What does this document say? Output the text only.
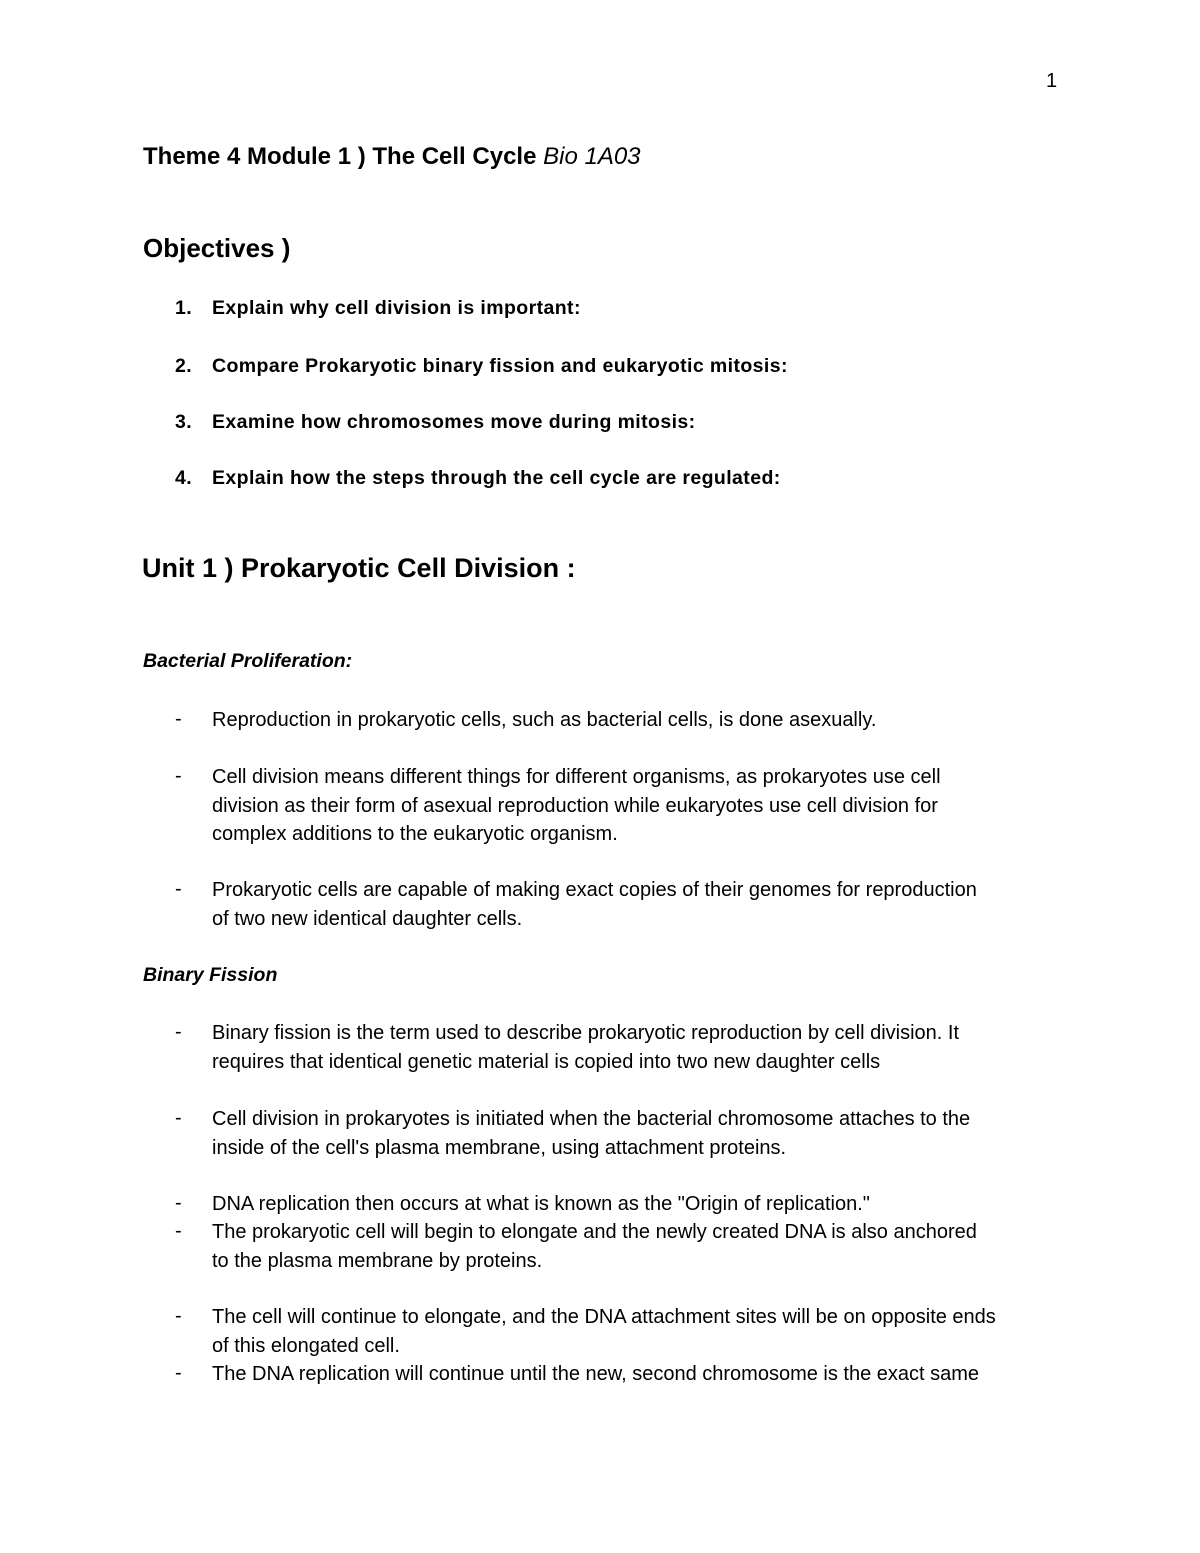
1
Theme 4 Module 1 ) The Cell Cycle Bio 1A03
Objectives )
1. Explain why cell division is important:
2. Compare Prokaryotic binary fission and eukaryotic mitosis:
3. Examine how chromosomes move during mitosis:
4. Explain how the steps through the cell cycle are regulated:
Unit 1 ) Prokaryotic Cell Division :
Bacterial Proliferation:
- Reproduction in prokaryotic cells, such as bacterial cells, is done asexually.
- Cell division means different things for different organisms, as prokaryotes use cell
division as their form of asexual reproduction while eukaryotes use cell division for
complex additions to the eukaryotic organism.
- Prokaryotic cells are capable of making exact copies of their genomes for reproduction
of two new identical daughter cells.
Binary Fission
- Binary fission is the term used to describe prokaryotic reproduction by cell division. It
requires that identical genetic material is copied into two new daughter cells
- Cell division in prokaryotes is initiated when the bacterial chromosome attaches to the
inside of the cell's plasma membrane, using attachment proteins.
- DNA replication then occurs at what is known as the "Origin of replication."
- The prokaryotic cell will begin to elongate and the newly created DNA is also anchored
to the plasma membrane by proteins.
- The cell will continue to elongate, and the DNA attachment sites will be on opposite ends
of this elongated cell.
- The DNA replication will continue until the new, second chromosome is the exact same
